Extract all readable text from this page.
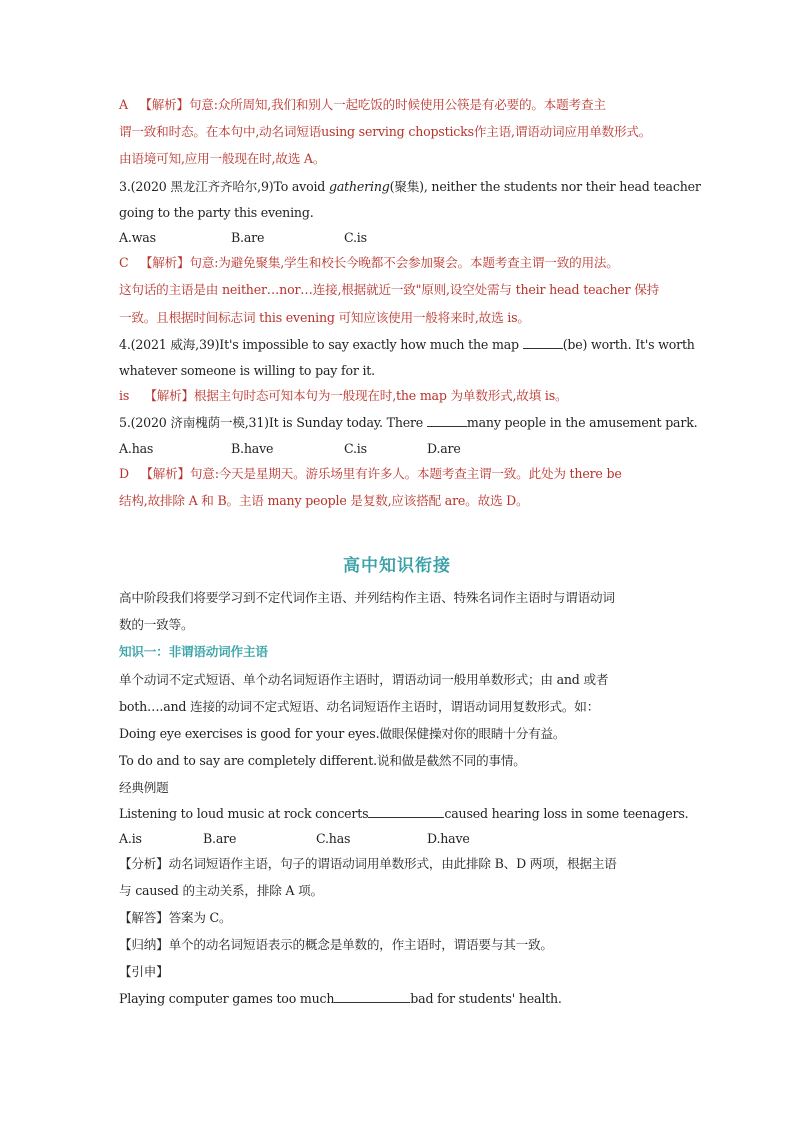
A 【解析】句意:众所周知,我们和别人一起吃饭的时候使用公筷是有必要的。本题考查主
谓一致和时态。在本句中,动名词短语using serving chopsticks作主语,谓语动词应用单数形式。
由语境可知,应用一般现在时,故选 A。
3.(2020 黑龙江齐齐哈尔,9)To avoid gathering(聚集), neither the students nor their head teacher
going to the party this evening.
A.was	B.are	C.is
C 【解析】句意:为避免聚集,学生和校长今晚都不会参加聚会。本题考查主谓一致的用法。
这句话的主语是由 neither…nor…连接,根据就近一致"原则,设空处需与 their head teacher 保持
一致。且根据时间标志词 this evening 可知应该使用一般将来时,故选 is。
4.(2021 威海,39)It's impossible to say exactly how much the map	(be) worth. It's worth
whatever someone is willing to pay for it.
is 【解析】根据主句时态可知本句为一般现在时,the map 为单数形式,故填 is。
5.(2020 济南槐荫一模,31)It is Sunday today. There	many people in the amusement park.
A.has	B.have	C.is	D.are
D 【解析】句意:今天是星期天。游乐场里有许多人。本题考查主谓一致。此处为 there be
结构,故排除 A 和 B。主语 many people 是复数,应该搭配 are。故选 D。
高中知识衔接
高中阶段我们将要学习到不定代词作主语、并列结构作主语、特殊名词作主语时与谓语动词
数的一致等。
知识一：非谓语动词作主语
单个动词不定式短语、单个动名词短语作主语时，谓语动词一般用单数形式；由 and 或者
both….and 连接的动词不定式短语、动名词短语作主语时，谓语动词用复数形式。如：
Doing eye exercises is good for your eyes.做眼保健操对你的眼睛十分有益。
To do and to say are completely different.说和做是截然不同的事情。
经典例题
Listening to loud music at rock concerts	caused hearing loss in some teenagers.
A.is	B.are	C.has	D.have
【分析】动名词短语作主语，句子的谓语动词用单数形式，由此排除 B、D 两项，根据主语
与 caused 的主动关系，排除 A 项。
【解答】答案为 C。
【归纳】单个的动名词短语表示的概念是单数的，作主语时，谓语要与其一致。
【引申】
Playing computer games too much	bad for students' health.
